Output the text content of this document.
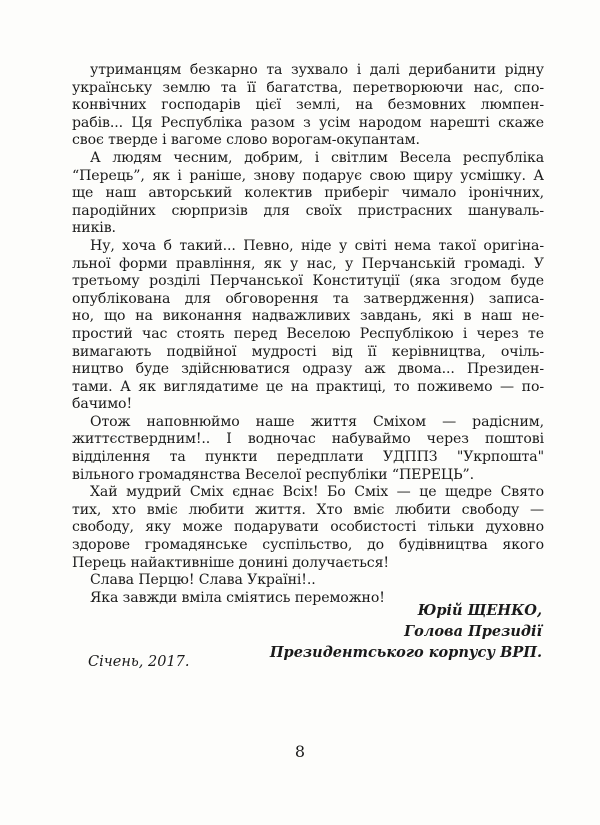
утриманцям безкарно та зухвало і далі дерибанити рідну
українську землю та її багатства, перетворюючи нас, спо-
конвічних господарів цієї землі, на безмовних люмпен-
рабів... Ця Республіка разом з усім народом нарешті скаже
своє тверде і вагоме слово ворогам-окупантам.
А людям чесним, добрим, і світлим Весела республіка
“Перець”, як і раніше, знову подарує свою щиру усмішку. А
ще наш авторський колектив приберіг чимало іронічних,
пародійних сюрпризів для своїх пристрасних шануваль-
ників.
Ну, хоча б такий... Певно, ніде у світі нема такої оригіна-
льної форми правління, як у нас, у Перчанській громаді. У
третьому розділі Перчанської Конституції (яка згодом буде
опублікована для обговорення та затвердження) записа-
но, що на виконання надважливих завдань, які в наш не-
простий час стоять перед Веселою Республікою і через те
вимагають подвійної мудрості від її керівництва, очіль-
ництво буде здійснюватися одразу аж двома... Президен-
тами. А як виглядатиме це на практиці, то поживемо — по-
бачимо!
Отож наповнюймо наше життя Сміхом — радісним,
життєствердним!.. І водночас набуваймо через поштові
відділення та пункти передплати УДППЗ "Укрпошта"
вільного громадянства Веселої республіки “ПЕРЕЦЬ”.
Хай мудрий Сміх єднає Всіх! Бо Сміх — це щедре Свято
тих, хто вміє любити життя. Хто вміє любити свободу —
свободу, яку може подарувати особистості тільки духовно
здорове громадянське суспільство, до будівництва якого
Перець найактивніше донині долучається!
Слава Перцю! Слава Україні!..
Яка завжди вміла сміятись переможно!
Юрій ЩЕНКО,
Голова Президії
Президентського корпусу ВРП.
Січень, 2017.
8
